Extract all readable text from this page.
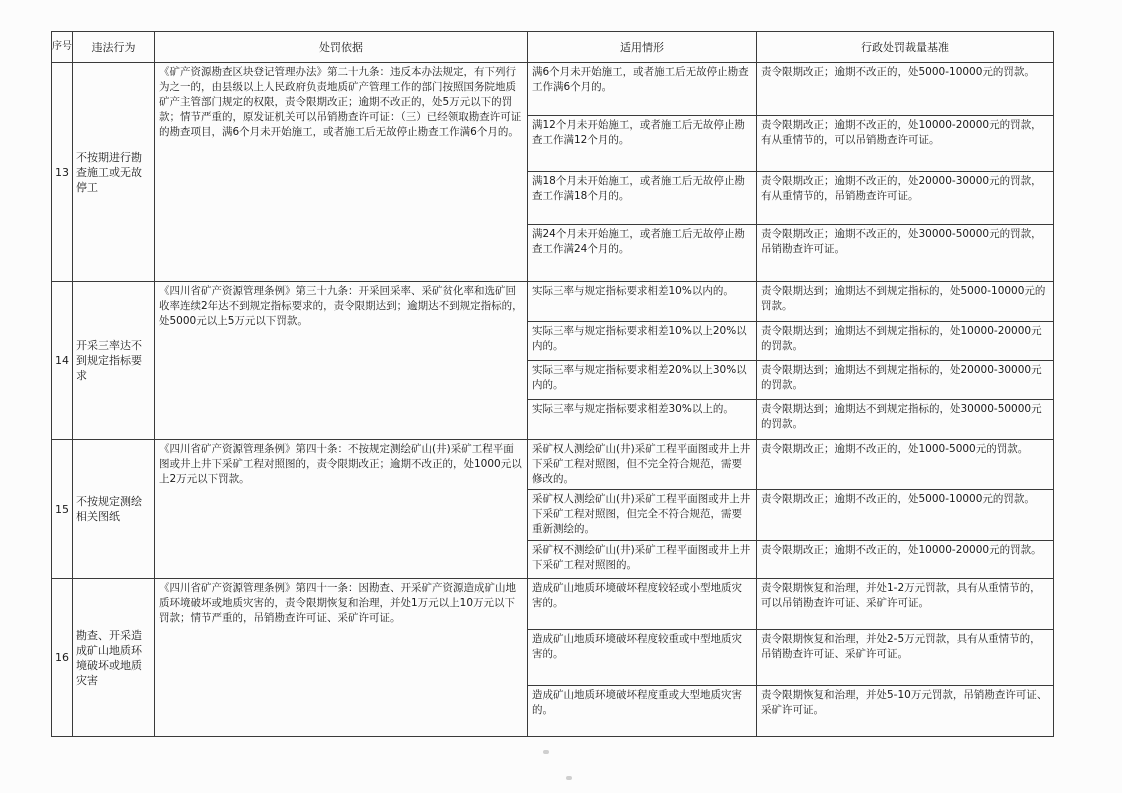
序号	违法行为	处罚依据	适用情形	行政处罚裁量基准
13	不按期进行勘查施工或无故停工	《矿产资源勘查区块登记管理办法》第二十九条：违反本办法规定，有下列行为之一的，由县级以上人民政府负责地质矿产管理工作的部门按照国务院地质矿产主管部门规定的权限，责令限期改正；逾期不改正的，处5万元以下的罚款；情节严重的，原发证机关可以吊销勘查许可证：（三）已经领取勘查许可证的勘查项目，满6个月未开始施工，或者施工后无故停止勘查工作满6个月的。	满6个月未开始施工，或者施工后无故停止勘查工作满6个月的。	责令限期改正；逾期不改正的，处5000-10000元的罚款。
			满12个月未开始施工，或者施工后无故停止勘查工作满12个月的。	责令限期改正；逾期不改正的，处10000-20000元的罚款，有从重情节的，可以吊销勘查许可证。
			满18个月未开始施工，或者施工后无故停止勘查工作满18个月的。	责令限期改正；逾期不改正的，处20000-30000元的罚款，有从重情节的，吊销勘查许可证。
			满24个月未开始施工，或者施工后无故停止勘查工作满24个月的。	责令限期改正；逾期不改正的，处30000-50000元的罚款，吊销勘查许可证。
14	开采三率达不到规定指标要求	《四川省矿产资源管理条例》第三十九条：开采回采率、采矿贫化率和选矿回收率连续2年达不到规定指标要求的，责令限期达到；逾期达不到规定指标的，处5000元以上5万元以下罚款。	实际三率与规定指标要求相差10%以内的。	责令限期达到；逾期达不到规定指标的，处5000-10000元的罚款。
			实际三率与规定指标要求相差10%以上20%以内的。	责令限期达到；逾期达不到规定指标的，处10000-20000元的罚款。
			实际三率与规定指标要求相差20%以上30%以内的。	责令限期达到；逾期达不到规定指标的，处20000-30000元的罚款。
			实际三率与规定指标要求相差30%以上的。	责令限期达到；逾期达不到规定指标的，处30000-50000元的罚款。
15	不按规定测绘相关图纸	《四川省矿产资源管理条例》第四十条：不按规定测绘矿山(井)采矿工程平面图或井上井下采矿工程对照图的，责令限期改正；逾期不改正的，处1000元以上2万元以下罚款。	采矿权人测绘矿山(井)采矿工程平面图或井上井下采矿工程对照图，但不完全符合规范，需要修改的。	责令限期改正；逾期不改正的，处1000-5000元的罚款。
			采矿权人测绘矿山(井)采矿工程平面图或井上井下采矿工程对照图，但完全不符合规范，需要重新测绘的。	责令限期改正；逾期不改正的，处5000-10000元的罚款。
			采矿权不测绘矿山(井)采矿工程平面图或井上井下采矿工程对照图的。	责令限期改正；逾期不改正的，处10000-20000元的罚款。
16	勘查、开采造成矿山地质环境破坏或地质灾害	《四川省矿产资源管理条例》第四十一条：因勘查、开采矿产资源造成矿山地质环境破坏或地质灾害的，责令限期恢复和治理，并处1万元以上10万元以下罚款；情节严重的，吊销勘查许可证、采矿许可证。	造成矿山地质环境破坏程度较轻或小型地质灾害的。	责令限期恢复和治理，并处1-2万元罚款，具有从重情节的，可以吊销勘查许可证、采矿许可证。
			造成矿山地质环境破坏程度较重或中型地质灾害的。	责令限期恢复和治理，并处2-5万元罚款，具有从重情节的，吊销勘查许可证、采矿许可证。
			造成矿山地质环境破坏程度重或大型地质灾害的。	责令限期恢复和治理，并处5-10万元罚款，吊销勘查许可证、采矿许可证。
